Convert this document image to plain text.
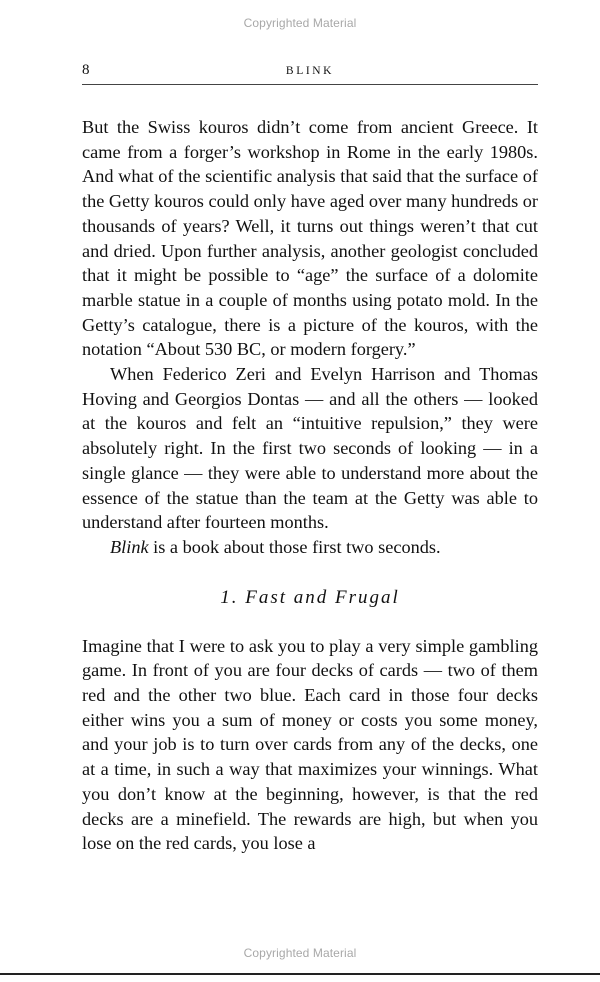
Copyrighted Material
8	BLINK

But the Swiss kouros didn’t come from ancient Greece. It came from a forger’s workshop in Rome in the early 1980s. And what of the scientific analysis that said that the surface of the Getty kouros could only have aged over many hundreds or thousands of years? Well, it turns out things weren’t that cut and dried. Upon further analysis, another geologist concluded that it might be possible to “age” the surface of a dolomite marble statue in a couple of months using potato mold. In the Getty’s catalogue, there is a picture of the kouros, with the notation “About 530 BC, or modern forgery.”

When Federico Zeri and Evelyn Harrison and Thomas Hoving and Georgios Dontas — and all the others — looked at the kouros and felt an “intuitive repulsion,” they were absolutely right. In the first two seconds of looking — in a single glance — they were able to understand more about the essence of the statue than the team at the Getty was able to understand after fourteen months.

Blink is a book about those first two seconds.

1. Fast and Frugal

Imagine that I were to ask you to play a very simple gambling game. In front of you are four decks of cards — two of them red and the other two blue. Each card in those four decks either wins you a sum of money or costs you some money, and your job is to turn over cards from any of the decks, one at a time, in such a way that maximizes your winnings. What you don’t know at the beginning, however, is that the red decks are a minefield. The rewards are high, but when you lose on the red cards, you lose a

Copyrighted Material
